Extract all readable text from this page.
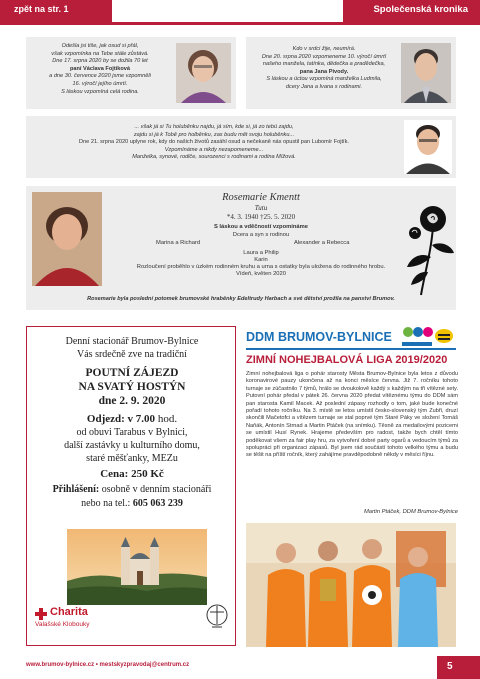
zpět na str. 1	Společenská kronika
Odešla jsi tiše, jak osud si přál,
však vzpomínka na Tebe stále zůstává.
Dne 17. srpna 2020 by se dožila 70 let
paní Václava Fojtíková
a dne 30. července 2020 jsme vzpomněli
16. výročí jejího úmrtí.
S láskou vzpomíná celá rodina.
Kdo v srdci žije, neumírá.
Dne 20. srpna 2020 vzpomeneme 10. výročí úmrtí
našeho manžela, tatínka, dědečka a pradědečka,
pana Jana Pivody.
S láskou a úctou vzpomíná manželka Ludmila,
dcery Jana a Ivana s rodinami.
... však já si Tu holuběnku najdu, já sím, kde si, já zo tebú zajdu,
zajdu si já k Tobě pro holběnku, zas budu mět svoju holuběnku...
Dne 21. srpna 2020 uplyne rok, kdy do našich životů zasáhl osud a nečekaně nás opustil pan Lubomír Fojtík.
Vzpomínáme a nikdy nezapomeneme...
Manželka, synové, rodiče, sourozenci s rodinami a rodina Mížová.
Rosemarie Kmentt
Tutu
*4. 3. 1940 †25. 5. 2020
S láskou a vděčností vzpomínáme
Dcera a syn s rodinou
Marina a Richard	Alexander a Rebecca
Laura a Philip
Karin
Rozloučení proběhlo v úzkém rodinném kruhu a urna s ostatky byla uložena do rodinného hrobu.
Vídeň, květen 2020
Rosemarie byla poslední potomek brumovské hraběnky Edeltrudy Harbach a své dětství prožila na panství Brumov.
Denní stacionář Brumov-Bylnice
Vás srdečně zve na tradiční
POUTNÍ ZÁJEZD
NA SVATÝ HOSTÝN
dne 2. 9. 2020
Odjezd: v 7.00 hod.
od obuvi Tarabus v Bylnici,
další zastávky u kulturního domu,
staré měšťanky, MEZu
Cena: 250 Kč
Přihlášení: osobně v denním stacionáři
nebo na tel.: 605 063 239
Charita
Valašské Klobouky
DDM BRUMOV-BYLNICE
ZIMNÍ NOHEJBALOVÁ LIGA 2019/2020
Zimní nohejbalová liga o pohár starosty Města Brumov-Bylnice byla letos z důvodu koronavirové pauzy ukončena až na konci měsíce června. Již 7. ročníku tohoto turnaje se zúčastnilo 7 týmů, hrálo se dvoukolově každý s každým na tři vítězné sety. Putovní pohár předal v pátek 26. června 2020 předat vítěznému týmu do DDM sám pan starosta Kamil Macek. Až poslední zápasy rozhodly o tom, jaké bude konečné pořadí tohoto ročníku. Na 3. místě se letos umístil česko-slovenský tým Zubři, druzí skončili Mačetofci a vítězem turnaje se stal poprvé tým Staré Páky ve složení Tomáš Naňák, Antonín Strnad a Martin Ptáček (na snímku). Těsně za medailovými pozicemi se umístil Husí Rynek. Hrajeme především pro radost, takže bych chtěl tímto poděkovat všem za fair play hru, za vytvoření dobré party ogarů a vedoucím týmů za spolupráci při organizaci zápasů. Byl jsem rád součástí tohoto velkého týmu a budu se těšit na příští ročník, který zahájíme pravděpodobně někdy v měsíci říjnu.
Martin Ptáček, DDM Brumov-Bylnice
www.brumov-bylnice.cz • mestskyzpravodaj@centrum.cz	5
